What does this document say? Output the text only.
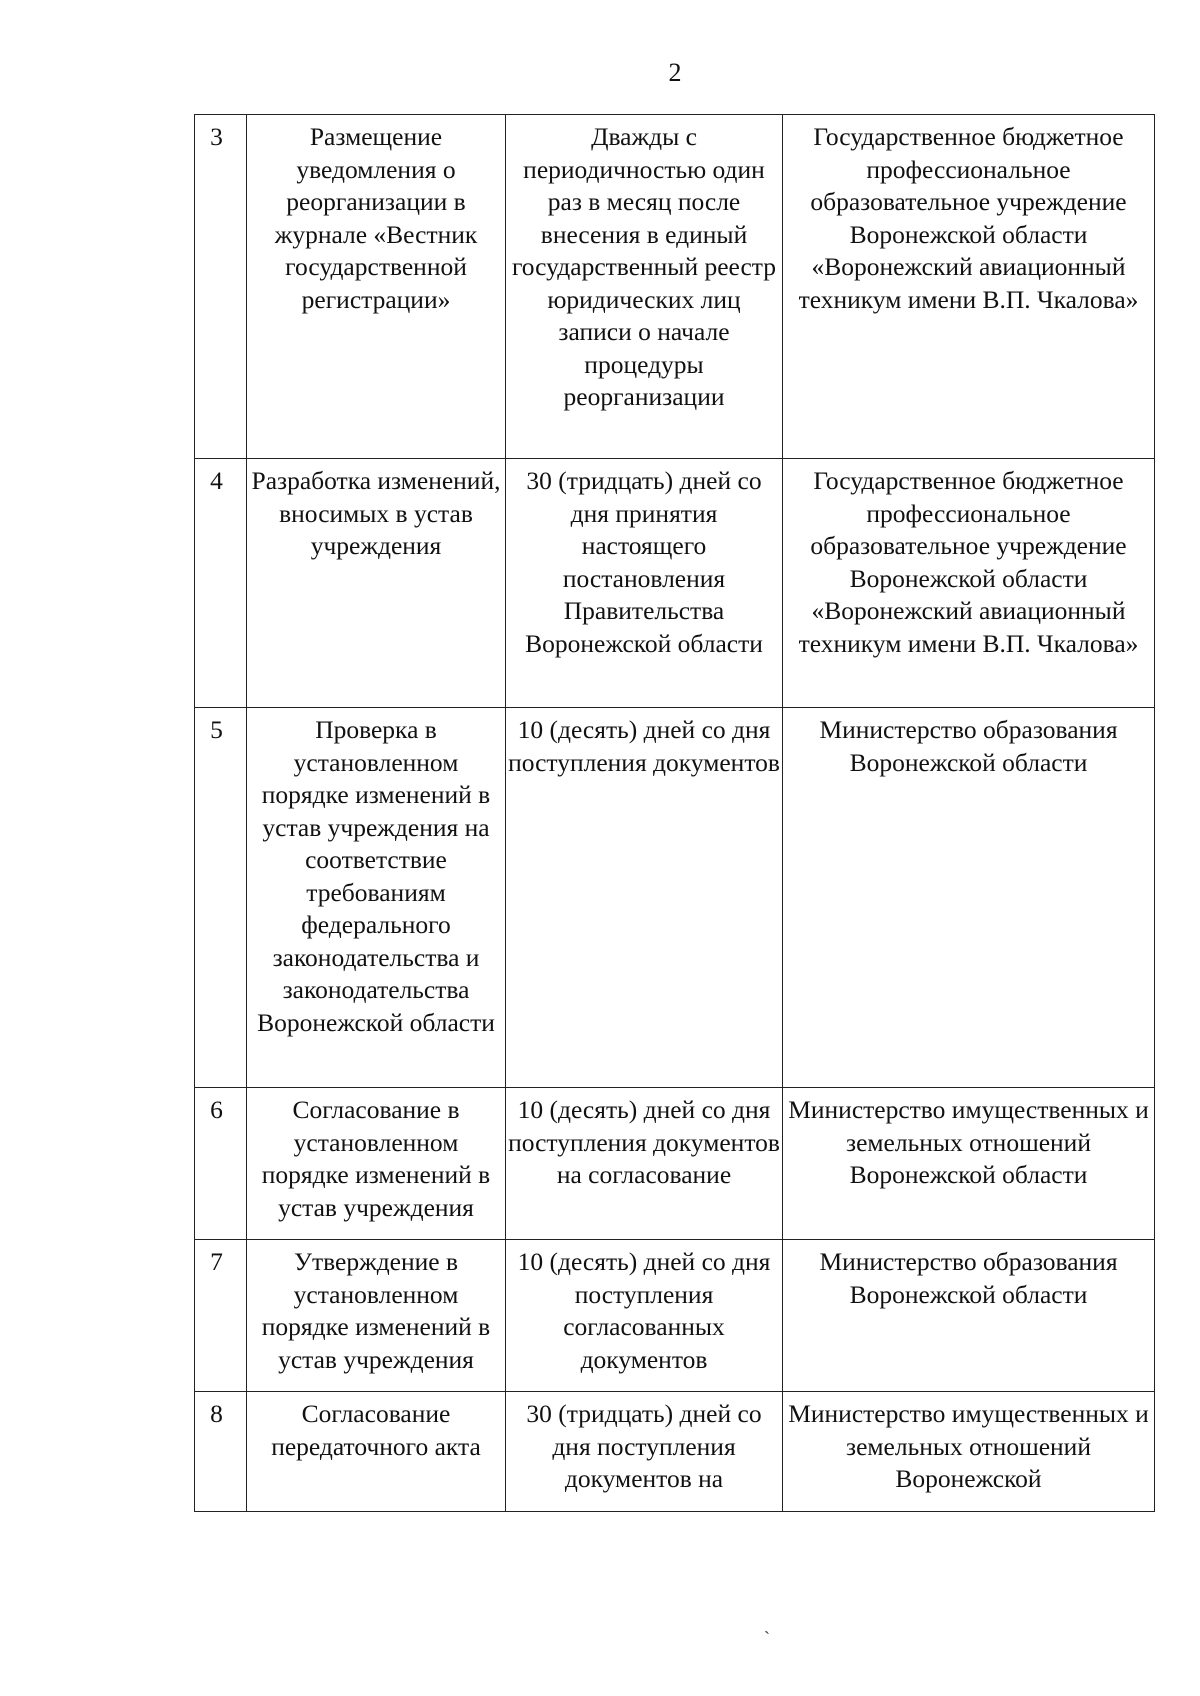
2
3	Размещение уведомления о реорганизации в журнале «Вестник государственной регистрации»	Дважды с периодичностью один раз в месяц после внесения в единый государственный реестр юридических лиц записи о начале процедуры реорганизации	Государственное бюджетное профессиональное образовательное учреждение Воронежской области «Воронежский авиационный техникум имени В.П. Чкалова»
4	Разработка изменений, вносимых в устав учреждения	30 (тридцать) дней со дня принятия настоящего постановления Правительства Воронежской области	Государственное бюджетное профессиональное образовательное учреждение Воронежской области «Воронежский авиационный техникум имени В.П. Чкалова»
5	Проверка в установленном порядке изменений в устав учреждения на соответствие требованиям федерального законодательства и законодательства Воронежской области	10 (десять) дней со дня поступления документов	Министерство образования Воронежской области
6	Согласование в установленном порядке изменений в устав учреждения	10 (десять) дней со дня поступления документов на согласование	Министерство имущественных и земельных отношений Воронежской области
7	Утверждение в установленном порядке изменений в устав учреждения	10 (десять) дней со дня поступления согласованных документов	Министерство образования Воронежской области
8	Согласование передаточного акта	30 (тридцать) дней со дня поступления документов на	Министерство имущественных и земельных отношений Воронежской
`
